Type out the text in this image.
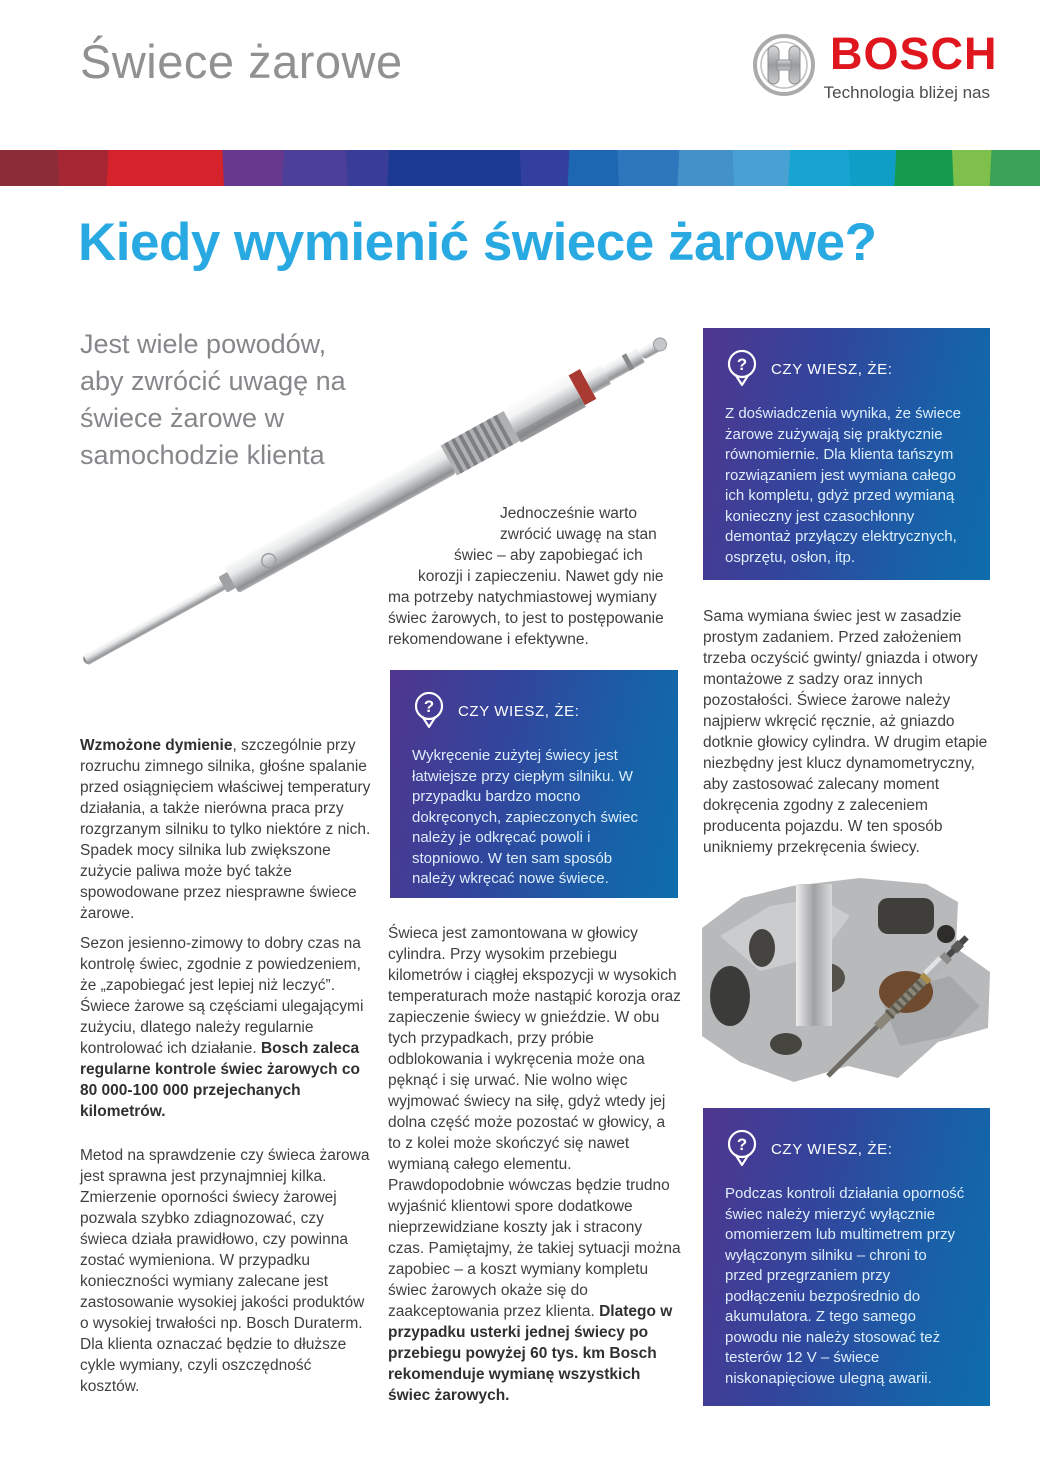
Świece żarowe	BOSCH
Technologia bliżej nas
Kiedy wymienić świece żarowe?
Jest wiele powodów, aby zwrócić uwagę na świece żarowe w samochodzie klienta
? CZY WIESZ, ŻE:
Z doświadczenia wynika, że świece żarowe zużywają się praktycznie równomiernie. Dla klienta tańszym rozwiązaniem jest wymiana całego ich kompletu, gdyż przed wymianą konieczny jest czasochłonny demontaż przyłączy elektrycznych, osprzętu, osłon, itp.
Jednocześnie warto zwrócić uwagę na stan świec – aby zapobiegać ich korozji i zapieczeniu. Nawet gdy nie ma potrzeby natychmiastowej wymiany świec żarowych, to jest to postępowanie rekomendowane i efektywne.
? CZY WIESZ, ŻE:
Wykręcenie zużytej świecy jest łatwiejsze przy ciepłym silniku. W przypadku bardzo mocno dokręconych, zapieczonych świec należy je odkręcać powoli i stopniowo. W ten sam sposób należy wkręcać nowe świece.
Sama wymiana świec jest w zasadzie prostym zadaniem. Przed założeniem trzeba oczyścić gwinty/ gniazda i otwory montażowe z sadzy oraz innych pozostałości. Świece żarowe należy najpierw wkręcić ręcznie, aż gniazdo dotknie głowicy cylindra. W drugim etapie niezbędny jest klucz dynamometryczny, aby zastosować zalecany moment dokręcenia zgodny z zaleceniem producenta pojazdu. W ten sposób unikniemy przekręcenia świecy.
Wzmożone dymienie, szczególnie przy rozruchu zimnego silnika, głośne spalanie przed osiągnięciem właściwej temperatury działania, a także nierówna praca przy rozgrzanym silniku to tylko niektóre z nich. Spadek mocy silnika lub zwiększone zużycie paliwa może być także spowodowane przez niesprawne świece żarowe.
Sezon jesienno-zimowy to dobry czas na kontrolę świec, zgodnie z powiedzeniem, że „zapobiegać jest lepiej niż leczyć”. Świece żarowe są częściami ulegającymi zużyciu, dlatego należy regularnie kontrolować ich działanie. Bosch zaleca regularne kontrole świec żarowych co 80 000-100 000 przejechanych kilometrów.
Metod na sprawdzenie czy świeca żarowa jest sprawna jest przynajmniej kilka. Zmierzenie oporności świecy żarowej pozwala szybko zdiagnozować, czy świeca działa prawidłowo, czy powinna zostać wymieniona. W przypadku konieczności wymiany zalecane jest zastosowanie wysokiej jakości produktów o wysokiej trwałości np. Bosch Duraterm. Dla klienta oznaczać będzie to dłuższe cykle wymiany, czyli oszczędność kosztów.
Świeca jest zamontowana w głowicy cylindra. Przy wysokim przebiegu kilometrów i ciągłej ekspozycji w wysokich temperaturach może nastąpić korozja oraz zapieczenie świecy w gnieździe. W obu tych przypadkach, przy próbie odblokowania i wykręcenia może ona pęknąć i się urwać. Nie wolno więc wyjmować świecy na siłę, gdyż wtedy jej dolna część może pozostać w głowicy, a to z kolei może skończyć się nawet wymianą całego elementu. Prawdopodobnie wówczas będzie trudno wyjaśnić klientowi spore dodatkowe nieprzewidziane koszty jak i stracony czas. Pamiętajmy, że takiej sytuacji można zapobiec – a koszt wymiany kompletu świec żarowych okaże się do zaakceptowania przez klienta. Dlatego w przypadku usterki jednej świecy po przebiegu powyżej 60 tys. km Bosch rekomenduje wymianę wszystkich świec żarowych.
? CZY WIESZ, ŻE:
Podczas kontroli działania oporność świec należy mierzyć wyłącznie omomierzem lub multimetrem przy wyłączonym silniku – chroni to przed przegrzaniem przy podłączeniu bezpośrednio do akumulatora. Z tego samego powodu nie należy stosować też testerów 12 V – świece niskonapięciowe ulegną awarii.
